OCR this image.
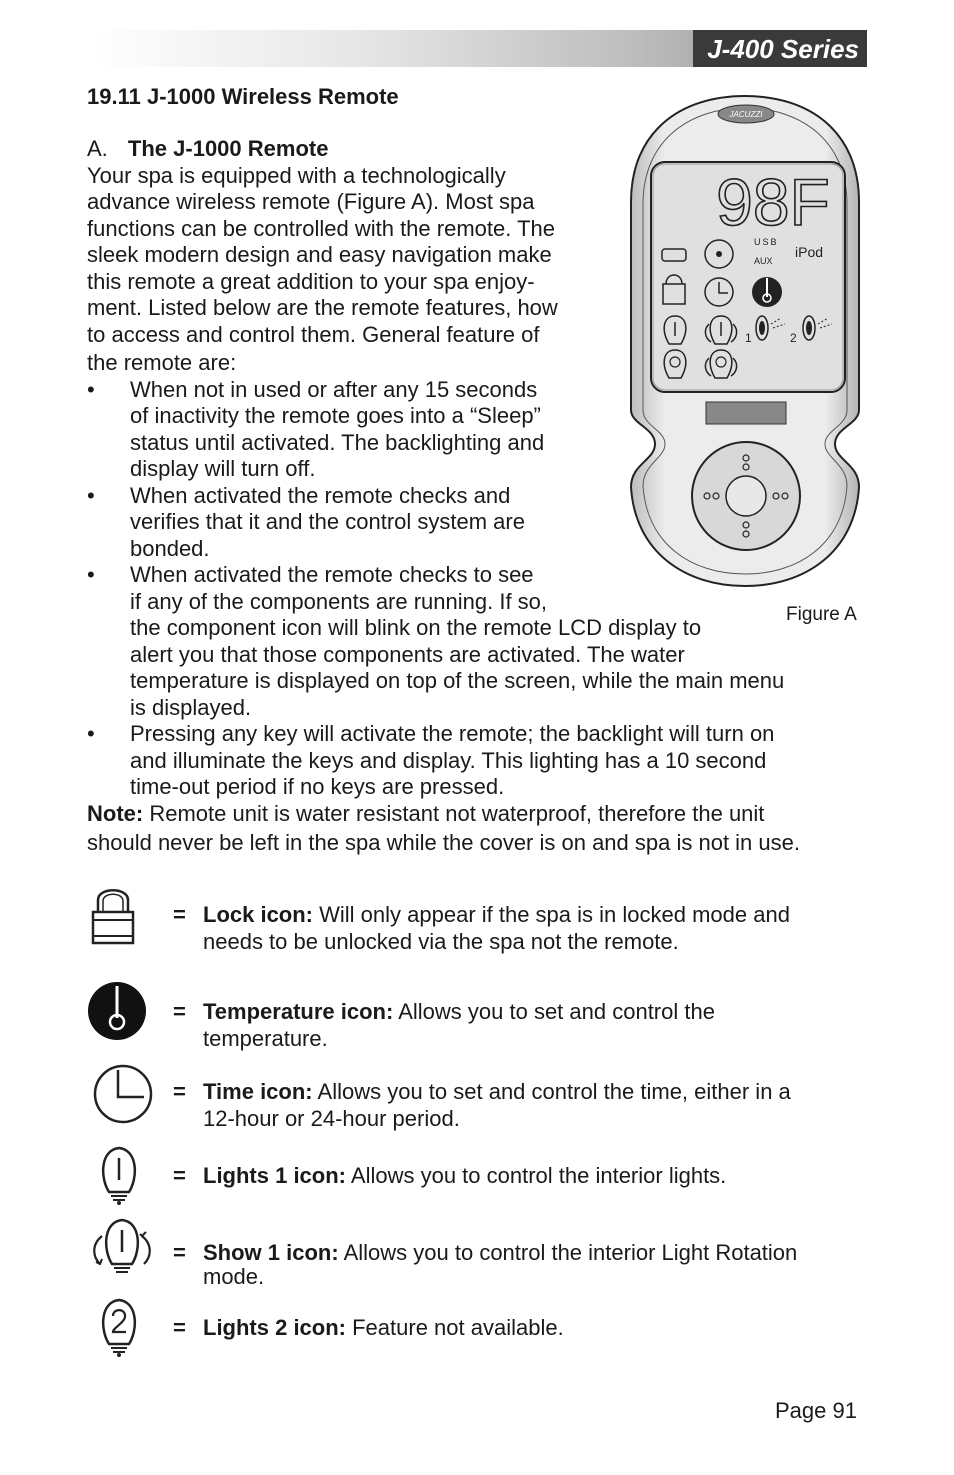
J-400 Series
19.11 J-1000 Wireless Remote
A. The J-1000 Remote
Your spa is equipped with a technologically
advance wireless remote (Figure A). Most spa
functions can be controlled with the remote. The
sleek modern design and easy navigation make
this remote a great addition to your spa enjoy-
ment. Listed below are the remote features, how
to access and control them. General feature of
the remote are:
• When not in used or after any 15 seconds
of inactivity the remote goes into a “Sleep”
status until activated. The backlighting and
display will turn off.
• When activated the remote checks and
verifies that it and the control system are
bonded.
• When activated the remote checks to see
if any of the components are running. If so,
the component icon will blink on the remote LCD display to
alert you that those components are activated. The water
temperature is displayed on top of the screen, while the main menu
is displayed.
• Pressing any key will activate the remote; the backlight will turn on
and illuminate the keys and display. This lighting has a 10 second
time-out period if no keys are pressed.
Note: Remote unit is water resistant not waterproof, therefore the unit
should never be left in the spa while the cover is on and spa is not in use.
JACUZZI
98F
USB
AUX
iPod
1	2
Figure A
= Lock icon: Will only appear if the spa is in locked mode and
needs to be unlocked via the spa not the remote.
= Temperature icon: Allows you to set and control the
temperature.
= Time icon: Allows you to set and control the time, either in a
12-hour or 24-hour period.
= Lights 1 icon: Allows you to control the interior lights.
= Show 1 icon: Allows you to control the interior Light Rotation
mode.
= Lights 2 icon: Feature not available.
Page 91
